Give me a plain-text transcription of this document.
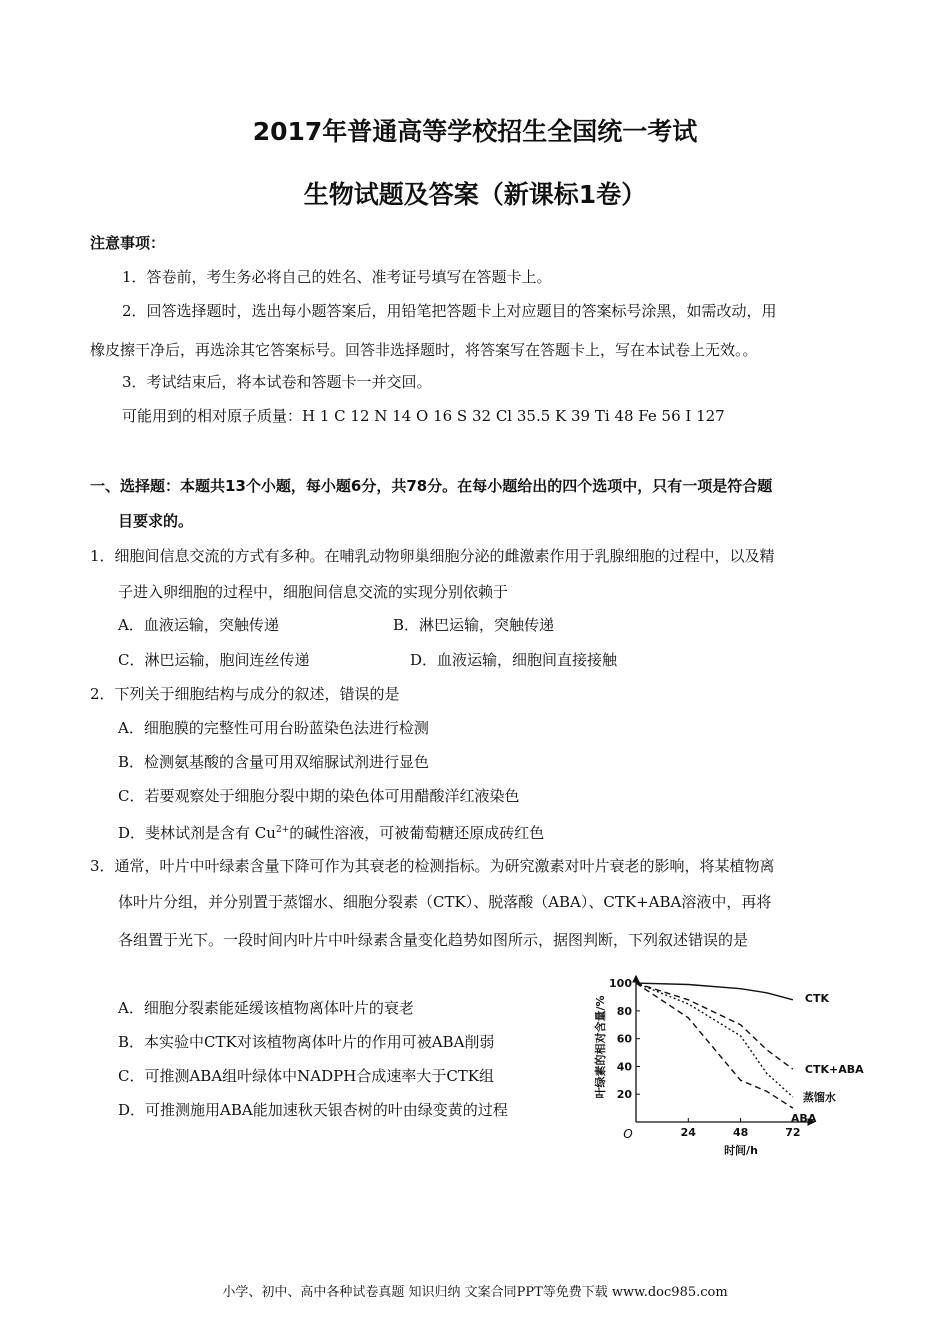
2017年普通高等学校招生全国统一考试
生物试题及答案（新课标1卷）
注意事项：
1．答卷前，考生务必将自己的姓名、准考证号填写在答题卡上。
2．回答选择题时，选出每小题答案后，用铅笔把答题卡上对应题目的答案标号涂黑，如需改动，用
橡皮擦干净后，再选涂其它答案标号。回答非选择题时，将答案写在答题卡上，写在本试卷上无效。。
3．考试结束后，将本试卷和答题卡一并交回。
可能用到的相对原子质量：H 1 C 12 N 14 O 16 S 32 Cl 35.5 K 39 Ti 48 Fe 56 I 127
一、选择题：本题共13个小题，每小题6分，共78分。在每小题给出的四个选项中，只有一项是符合题
目要求的。
1．细胞间信息交流的方式有多种。在哺乳动物卵巢细胞分泌的雌激素作用于乳腺细胞的过程中，以及精
子进入卵细胞的过程中，细胞间信息交流的实现分别依赖于
A．血液运输，突触传递	B．淋巴运输，突触传递
C．淋巴运输，胞间连丝传递	D．血液运输，细胞间直接接触
2．下列关于细胞结构与成分的叙述，错误的是
A．细胞膜的完整性可用台盼蓝染色法进行检测
B．检测氨基酸的含量可用双缩脲试剂进行显色
C．若要观察处于细胞分裂中期的染色体可用醋酸洋红液染色
D．斐林试剂是含有 $Cu^{2+}$的碱性溶液，可被葡萄糖还原成砖红色
3．通常，叶片中叶绿素含量下降可作为其衰老的检测指标。为研究激素对叶片衰老的影响，将某植物离
体叶片分组，并分别置于蒸馏水、细胞分裂素（CTK）、脱落酸（ABA）、CTK+ABA溶液中，再将
各组置于光下。一段时间内叶片中叶绿素含量变化趋势如图所示，据图判断，下列叙述错误的是
A．细胞分裂素能延缓该植物离体叶片的衰老
B．本实验中CTK对该植物离体叶片的作用可被ABA削弱
C．可推测ABA组叶绿体中NADPH合成速率大于CTK组
D．可推测施用ABA能加速秋天银杏树的叶由绿变黄的过程
20
40
60
80
100
24	48	72
O
时间/h
叶绿素的相对含量/%	CTK
CTK+ABA
蒸馏水
ABA
小学、初中、高中各种试卷真题 知识归纳 文案合同PPT等免费下载 www.doc985.com
